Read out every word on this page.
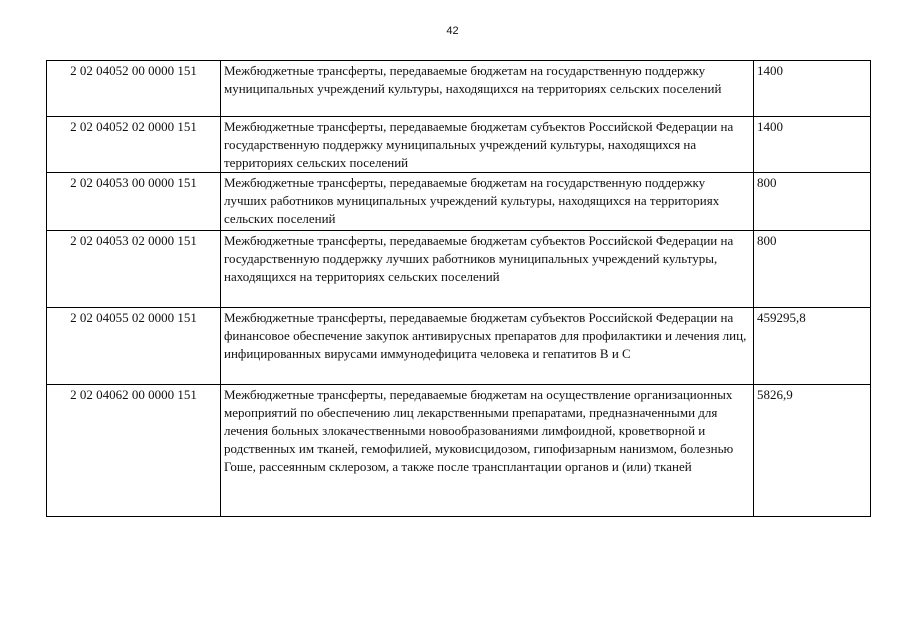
42
2 02 04052 00 0000 151	Межбюджетные трансферты, передаваемые бюджетам на государственную поддержку муниципальных учреждений культуры, находящихся на территориях сельских поселений	1400
2 02 04052 02 0000 151	Межбюджетные трансферты, передаваемые бюджетам субъектов Российской Федерации на государственную поддержку муниципальных учреждений культуры, находящихся на территориях сельских поселений	1400
2 02 04053 00 0000 151	Межбюджетные трансферты, передаваемые бюджетам на государственную поддержку лучших работников муниципальных учреждений культуры, находящихся на территориях сельских поселений	800
2 02 04053 02 0000 151	Межбюджетные трансферты, передаваемые бюджетам субъектов Российской Федерации на государственную поддержку лучших работников муниципальных учреждений культуры, находящихся на территориях сельских поселений	800
2 02 04055 02 0000 151	Межбюджетные трансферты, передаваемые бюджетам субъектов Российской Федерации на финансовое обеспечение закупок антивирусных препаратов для профилактики и лечения лиц, инфицированных вирусами иммунодефицита человека и гепатитов B и C	459295,8
2 02 04062 00 0000 151	Межбюджетные трансферты, передаваемые бюджетам на осуществление организационных мероприятий по обеспечению лиц лекарственными препаратами, предназначенными для лечения больных злокачественными новообразованиями лимфоидной, кроветворной и родственных им тканей, гемофилией, муковисцидозом, гипофизарным нанизмом, болезнью Гоше, рассеянным склерозом, а также после трансплантации органов и (или) тканей	5826,9
